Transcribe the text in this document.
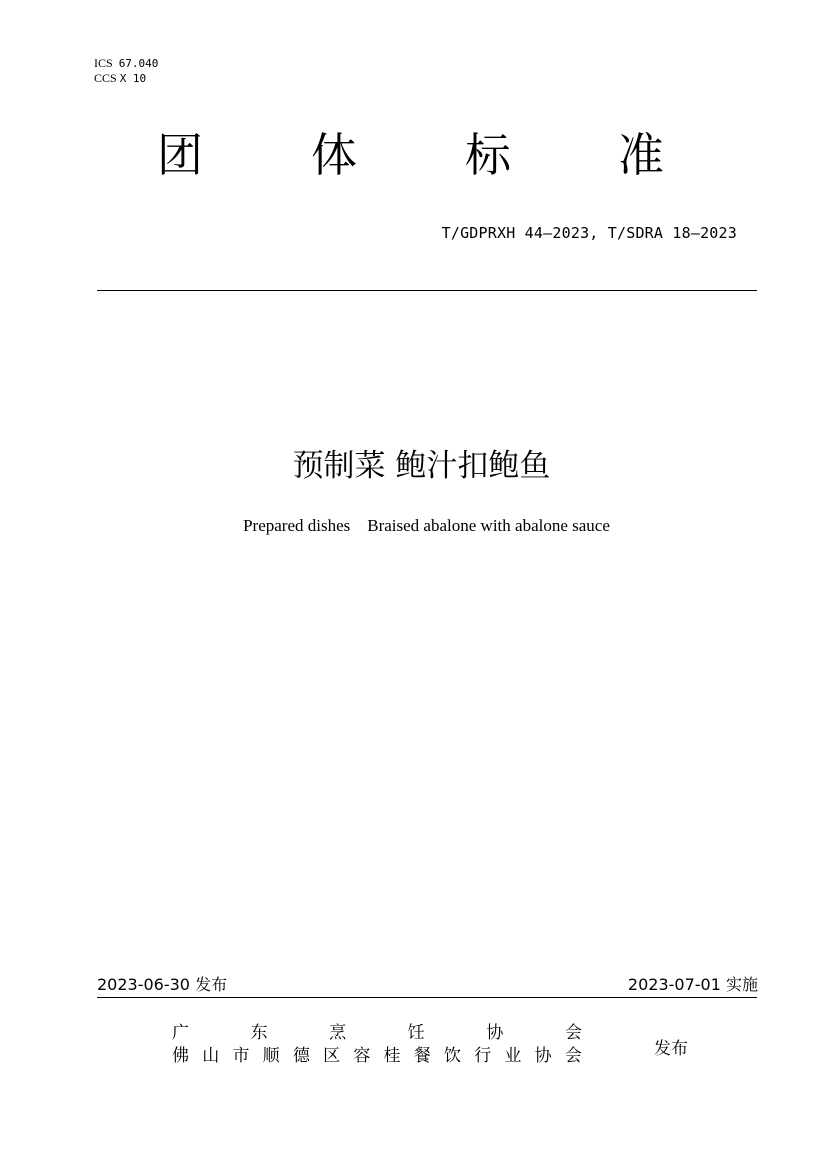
ICS 67.040
CCS X 10
团 体 标 准
T/GDPRXH 44—2023, T/SDRA 18—2023
预制菜 鲍汁扣鲍鱼
Prepared dishes    Braised abalone with abalone sauce
2023-06-30 发布	2023-07-01 实施
广	东	烹	饪	协	会
佛 山 市 顺 德 区 容 桂 餐 饮 行 业 协 会	发布
